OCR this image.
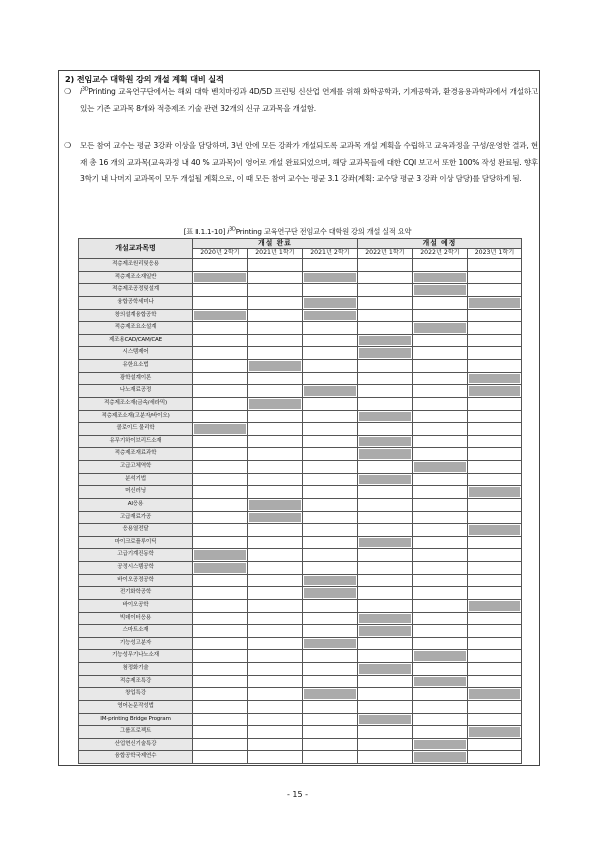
2) 전임교수 대학원 강의 개설 계획 대비 실적
❍ $i^{3D}Printing$ 교육연구단에서는 해외 대학 벤치마킹과 4D/5D 프린팅 신산업 연계를 위해 화학공학과, 기계공학과, 환경융용과학과에서 개설하고 있는 기존 교과목 8개와 적층제조 기술 관련 32개의 신규 교과목을 개설함.
❍ 모든 참여 교수는 평균 3강좌 이상을 담당하며, 3년 안에 모든 강좌가 개설되도록 교과목 개설 계획을 수립하고 교육과정을 구성/운영한 결과, 현재 총 16 개의 교과목(교육과정 내 40 % 교과목)이 영어로 개설 완료되었으며, 해당 교과목들에 대한 CQI 보고서 또한 100% 작성 완료됨. 향후 3학기 내 나머지 교과목이 모두 개설될 계획으로, 이 때 모든 참여 교수는 평균 3.1 강좌(계획: 교수당 평균 3 강좌 이상 담당)를 담당하게 됨.
[표 Ⅱ.1.1-10] $i^{3D}Printing$ 교육연구단 전임교수 대학원 강의 개설 실적 요약
개설교과목명	개설 완료			개설 예정		
	2020년 2학기	2021년 1학기	2021년 2학기	2022년 1학기	2022년 2학기	2023년 1학기
적층제조원리및응용						
적층제조소재일반	

적층제조공정및설계					

융합공학세미나			

창의설계융합공학	

적층제조요소설계					

제조용CAD/CAM/CAE				

시스템제어				

유한요소법		

광학설계이론						

나노재료공정			

적층제조소재(금속/세라믹)		

적층제조소재(고분자/바이오)				

콜로이드 물리학	

유무기하이브리드소재				

적층제조재료과학				

고급고체역학					

분석기법				

머신러닝						

AI응용		

고급재료가공		

응용열전달						

마이크로플루이딕				

고급기계진동학	

공정시스템공학	

바이오공정공학			

전기화학공학			

바이오공학						

빅데이터응용				

스마트소재				

기능성고분자			

기능성무기나노소재					

첨정화기술				

적층제조특강					

창업특강			

영어논문작성법						
IM-printing Bridge Program				

그룹프로젝트						

산업현신기술특강					

융합공학국제연수					

- 15 -
